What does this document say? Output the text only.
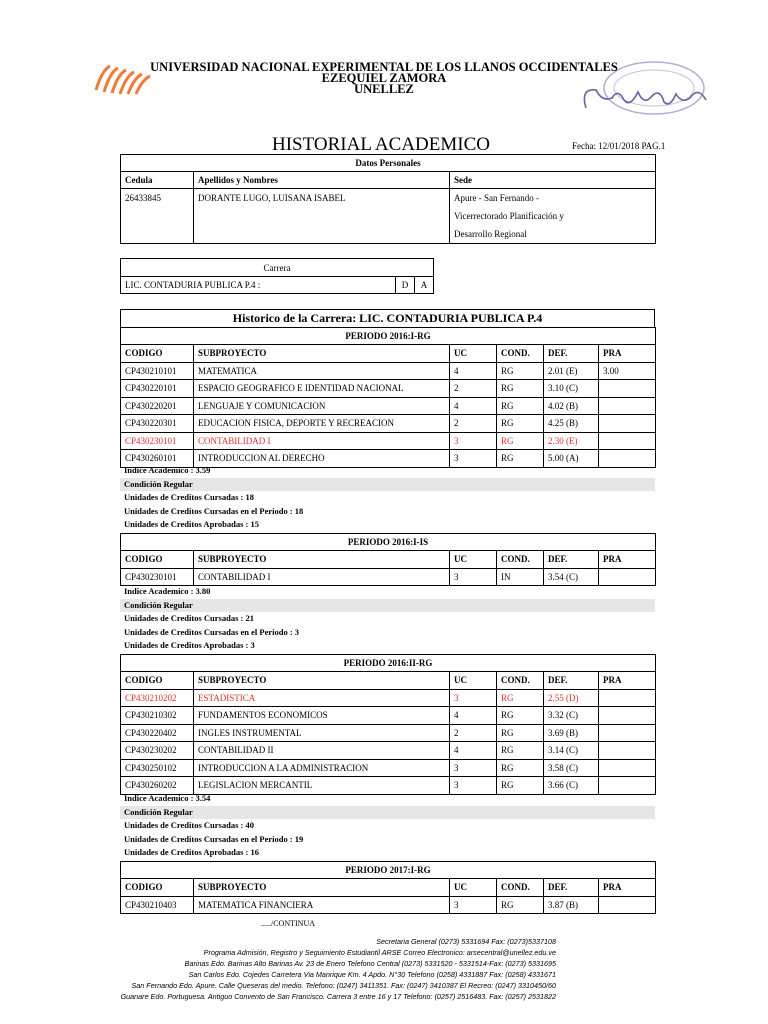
UNIVERSIDAD NACIONAL EXPERIMENTAL DE LOS LLANOS OCCIDENTALES
EZEQUIEL ZAMORA
UNELLEZ
HISTORIAL ACADEMICO	Fecha: 12/01/2018 PAG.1
Datos Personales		
Cedula	Apellidos y Nombres	Sede
26433845	DORANTE LUGO, LUISANA ISABEL	Apure - San Fernando -
Vicerrectorado Planificación y
Desarrollo Regional
Carrera
LIC. CONTADURIA PUBLICA P.4 :	D	A
Historico de la Carrera: LIC. CONTADURIA PUBLICA P.4
PERIODO 2016:I-RG					
CODIGO	SUBPROYECTO	UC	COND.	DEF.	PRA
CP430210101	MATEMATICA	4	RG	2.01 (E)	3.00
CP430220101	ESPACIO GEOGRAFICO E IDENTIDAD NACIONAL	2	RG	3.10 (C)	
CP430220201	LENGUAJE Y COMUNICACION	4	RG	4.02 (B)	
CP430220301	EDUCACION FISICA, DEPORTE Y RECREACION	2	RG	4.25 (B)	
CP430230101	CONTABILIDAD I	3	RG	2.30 (E)	
CP430260101	INTRODUCCION AL DERECHO	3	RG	5.00 (A)	
Indice Academico : 3.59
Condición Regular
Unidades de Creditos Cursadas : 18
Unidades de Creditos Cursadas en el Periodo : 18
Unidades de Creditos Aprobadas : 15
PERIODO 2016:I-IS					
CODIGO	SUBPROYECTO	UC	COND.	DEF.	PRA
CP430230101	CONTABILIDAD I	3	IN	3.54 (C)	
Indice Academico : 3.80
Condición Regular
Unidades de Creditos Cursadas : 21
Unidades de Creditos Cursadas en el Periodo : 3
Unidades de Creditos Aprobadas : 3
PERIODO 2016:II-RG					
CODIGO	SUBPROYECTO	UC	COND.	DEF.	PRA
CP430210202	ESTADISTICA	3	RG	2.55 (D)	
CP430210302	FUNDAMENTOS ECONOMICOS	4	RG	3.32 (C)	
CP430220402	INGLES INSTRUMENTAL	2	RG	3.69 (B)	
CP430230202	CONTABILIDAD II	4	RG	3.14 (C)	
CP430250102	INTRODUCCION A LA ADMINISTRACION	3	RG	3.58 (C)	
CP430260202	LEGISLACION MERCANTIL	3	RG	3.66 (C)	
Indice Academico : 3.54
Condición Regular
Unidades de Creditos Cursadas : 40
Unidades de Creditos Cursadas en el Periodo : 19
Unidades de Creditos Aprobadas : 16
PERIODO 2017:I-RG					
CODIGO	SUBPROYECTO	UC	COND.	DEF.	PRA
CP430210403	MATEMATICA FINANCIERA	3	RG	3.87 (B)	
...../CONTINUA
Secretaria General (0273) 5331694 Fax: (0273)5337108
Programa Admisión, Registro y Seguimiento Estudiantil ARSE Correo Electronico: arsecentral@unellez.edu.ve
Barinas Edo. Barinas Alto Barinas Av. 23 de Enero Telefono Central (0273) 5331520 - 5331514-Fax: (0273) 5331695
San Carlos Edo. Cojedes Carretera Via Manrique Km. 4 Apdo. N°30 Telefono (0258) 4331887 Fax: (0258) 4331671
San Fernando Edo. Apure. Calle Queseras del medio. Telefono: (0247) 3411351. Fax: (0247) 3410387 El Recreo: (0247) 3310450/60
Guanare Edo. Portuguesa. Antiguo Convento de San Francisco. Carrera 3 entre 16 y 17 Telefono: (0257) 2516483. Fax: (0257) 2531822
